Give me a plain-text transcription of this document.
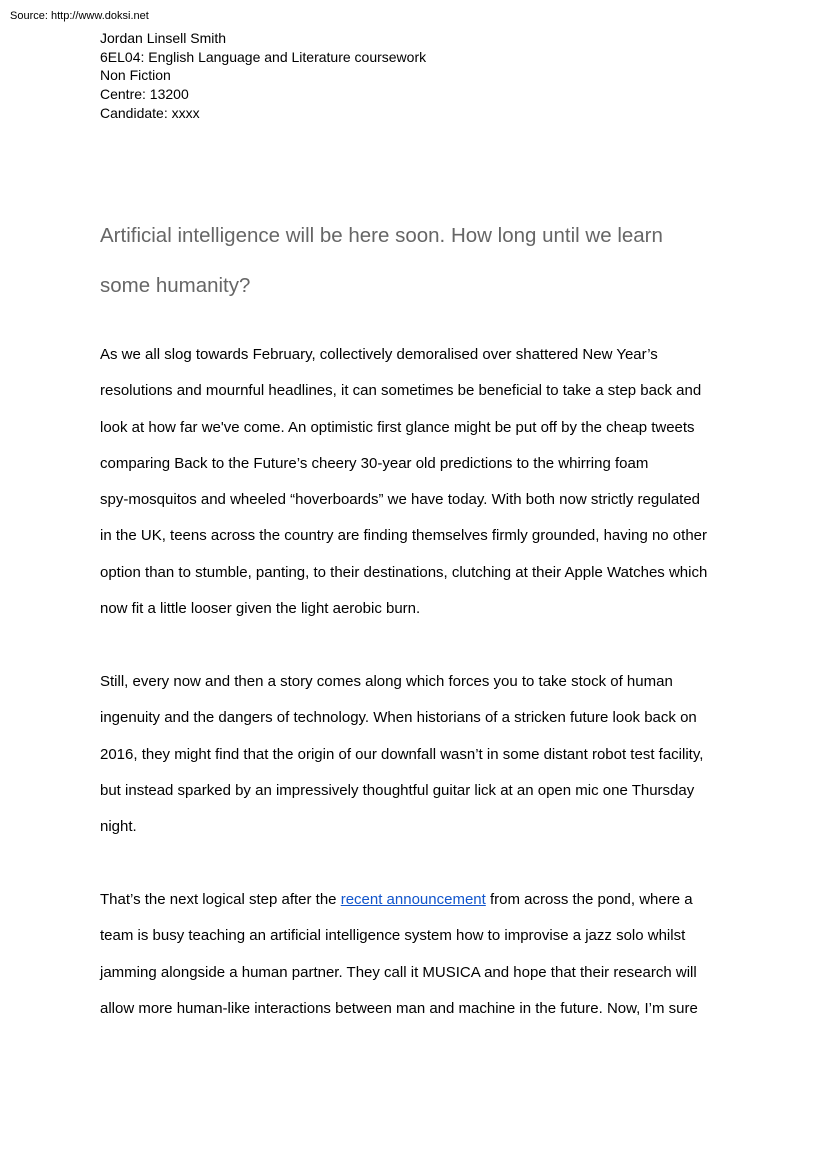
Source: http://www.doksi.net
Jordan Linsell Smith
6EL04: English Language and Literature coursework
Non Fiction
Centre: 13200
Candidate: xxxx
Artificial intelligence will be here soon. How long until we learn
some humanity?

As we all slog towards February, collectively demoralised over shattered New Year’s
resolutions and mournful headlines, it can sometimes be beneficial to take a step back and
look at how far we've come. An optimistic first glance might be put off by the cheap tweets
comparing Back to the Future’s cheery 30-year old predictions to the whirring foam
spy-mosquitos and wheeled “hoverboards” we have today. With both now strictly regulated
in the UK, teens across the country are finding themselves firmly grounded, having no other
option than to stumble, panting, to their destinations, clutching at their Apple Watches which
now fit a little looser given the light aerobic burn.

Still, every now and then a story comes along which forces you to take stock of human
ingenuity and the dangers of technology. When historians of a stricken future look back on
2016, they might find that the origin of our downfall wasn’t in some distant robot test facility,
but instead sparked by an impressively thoughtful guitar lick at an open mic one Thursday
night.

That’s the next logical step after the recent announcement from across the pond, where a
team is busy teaching an artificial intelligence system how to improvise a jazz solo whilst
jamming alongside a human partner. They call it MUSICA and hope that their research will
allow more human-like interactions between man and machine in the future. Now, I’m sure
